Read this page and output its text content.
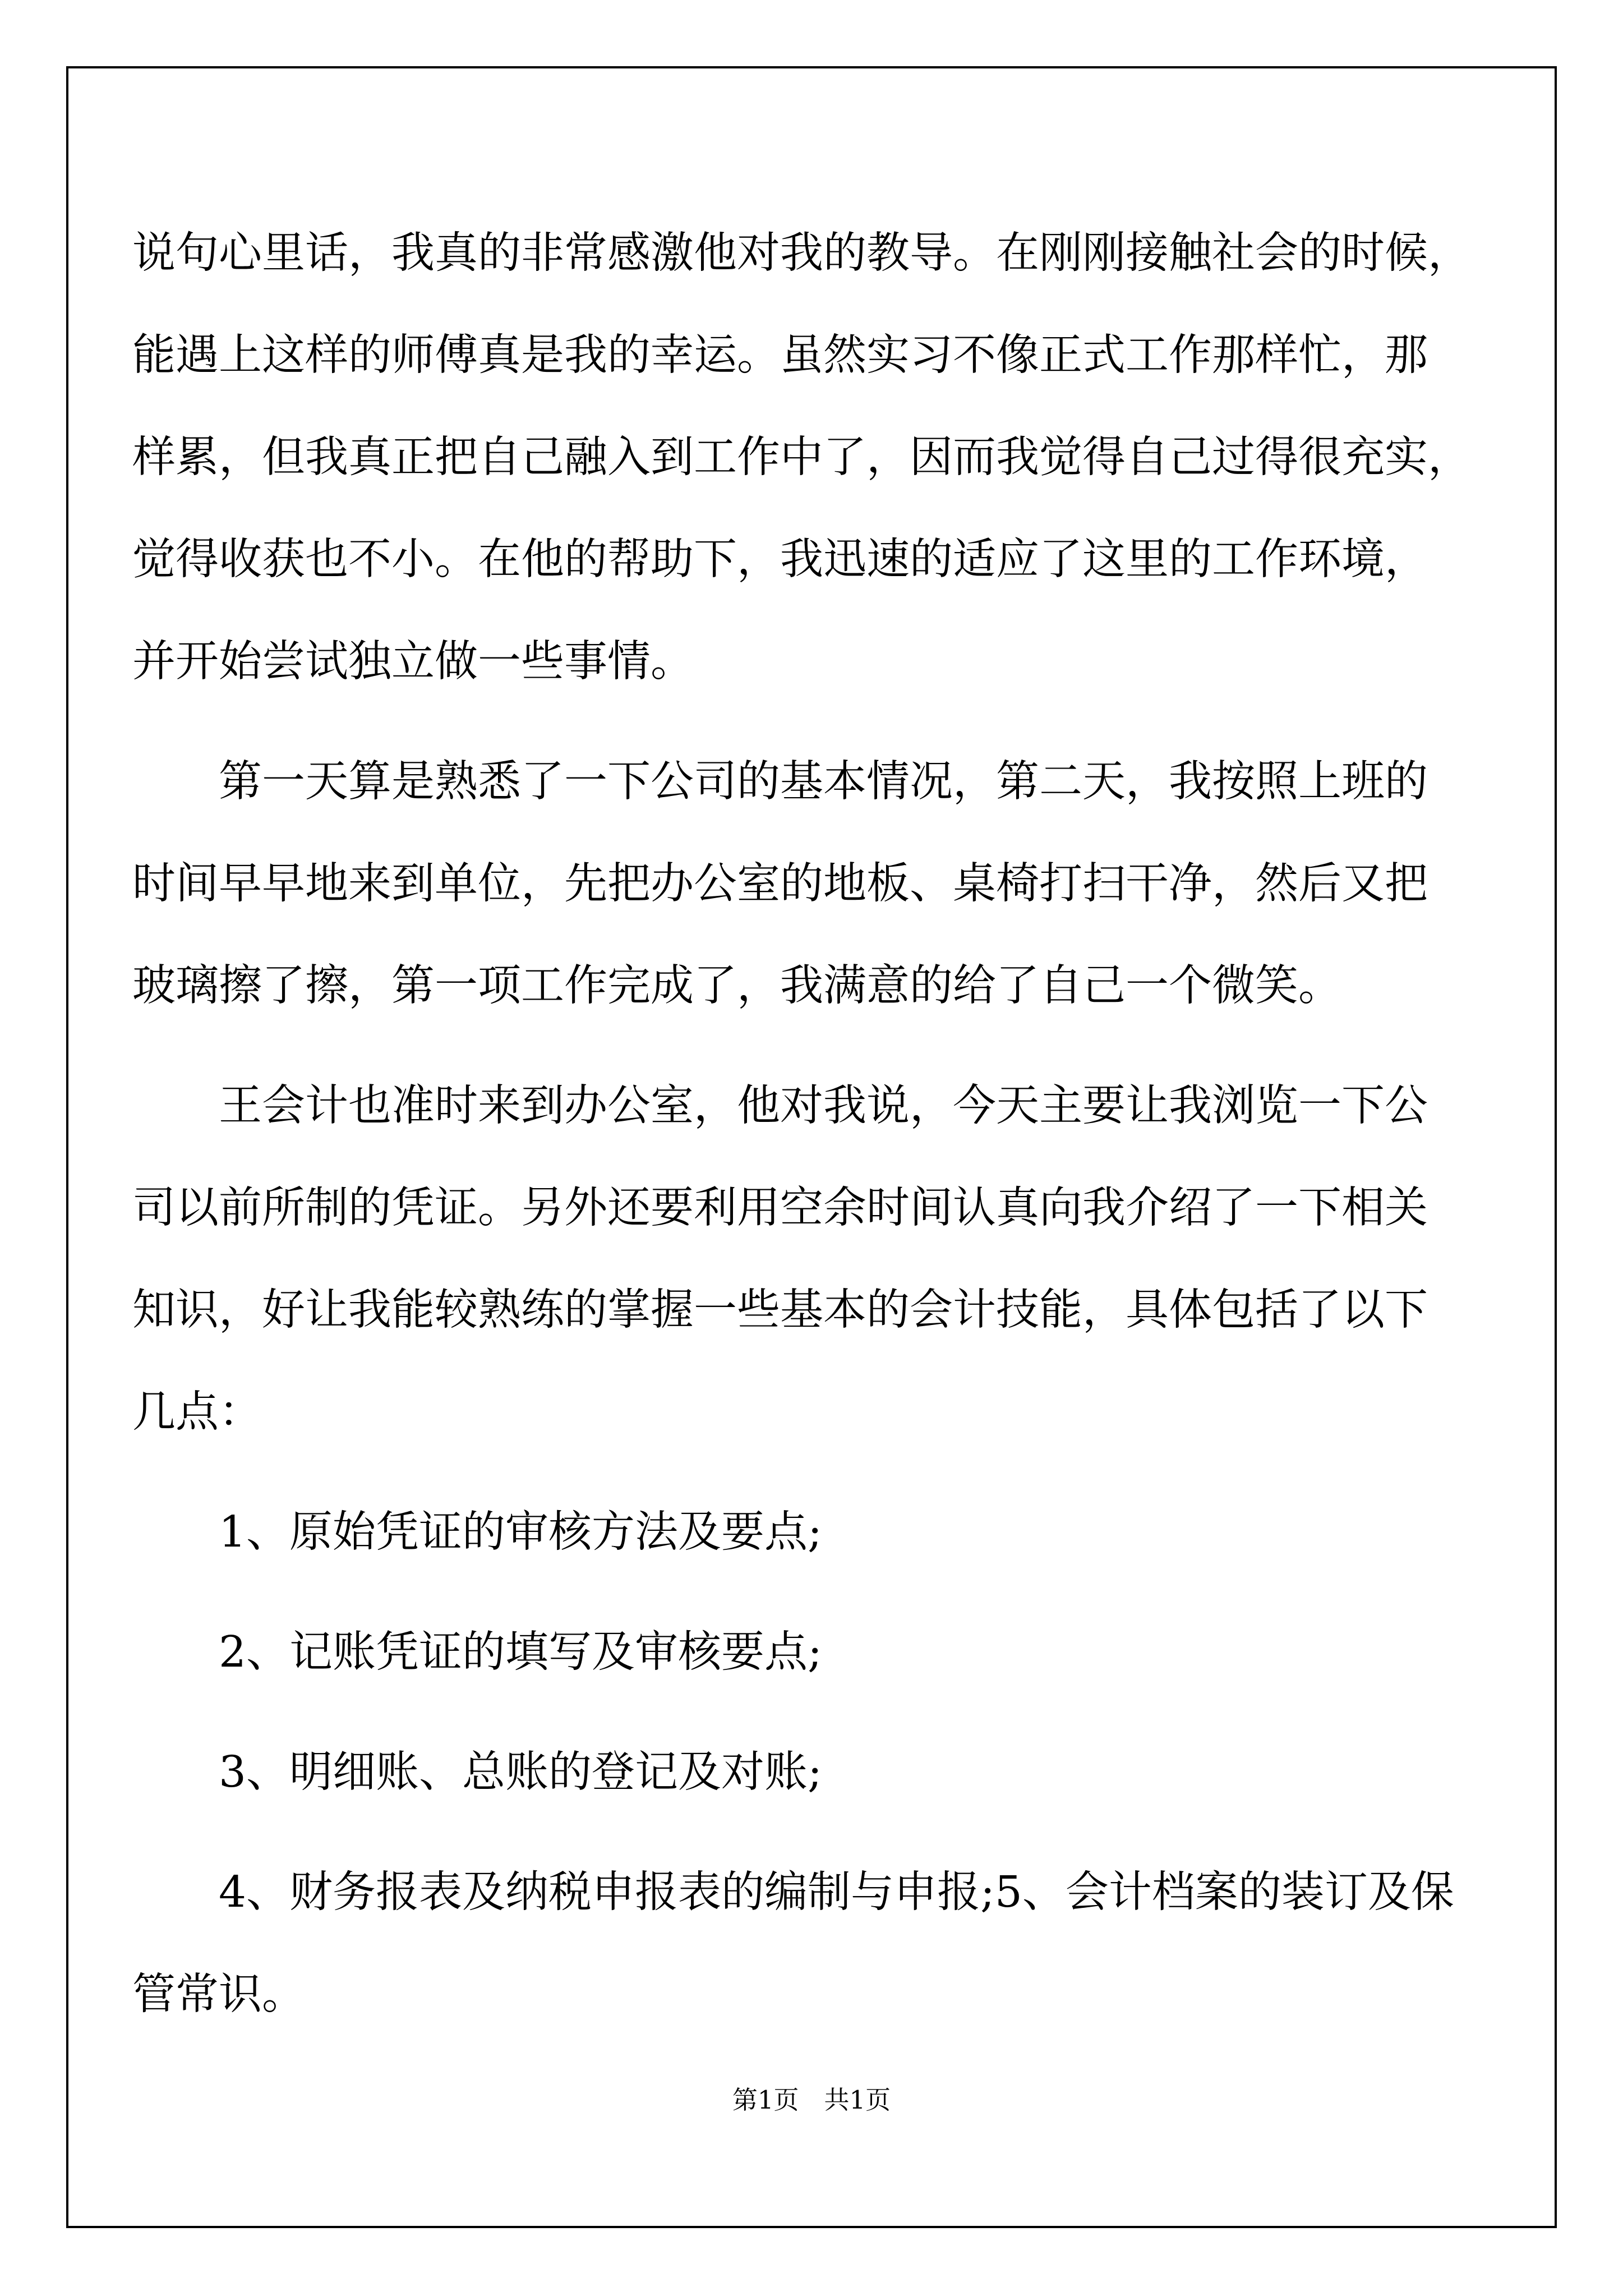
说句心里话，我真的非常感激他对我的教导。在刚刚接触社会的时候，

能遇上这样的师傅真是我的幸运。虽然实习不像正式工作那样忙，那

样累，但我真正把自己融入到工作中了，因而我觉得自己过得很充实，

觉得收获也不小。在他的帮助下，我迅速的适应了这里的工作环境，

并开始尝试独立做一些事情。

第一天算是熟悉了一下公司的基本情况，第二天，我按照上班的

时间早早地来到单位，先把办公室的地板、桌椅打扫干净，然后又把

玻璃擦了擦，第一项工作完成了，我满意的给了自己一个微笑。

王会计也准时来到办公室，他对我说，今天主要让我浏览一下公

司以前所制的凭证。另外还要利用空余时间认真向我介绍了一下相关

知识，好让我能较熟练的掌握一些基本的会计技能，具体包括了以下

几点：

1、原始凭证的审核方法及要点;

2、记账凭证的填写及审核要点;

3、明细账、总账的登记及对账;

4、财务报表及纳税申报表的编制与申报;5、会计档案的装订及保

管常识。

第1页　共1页
